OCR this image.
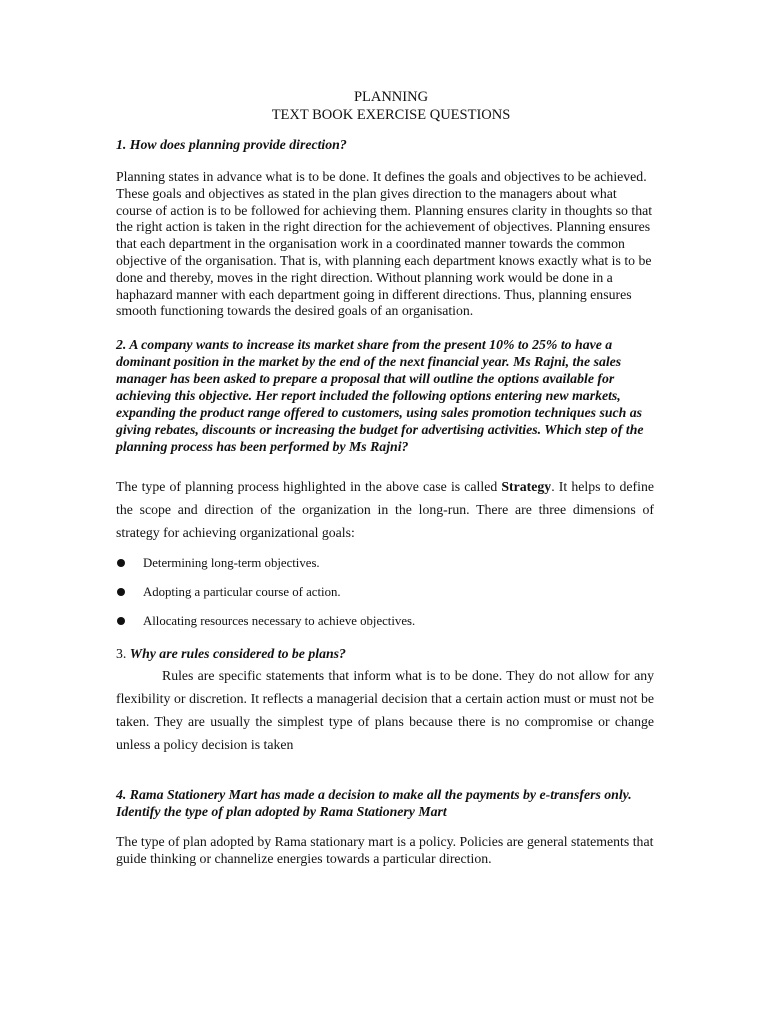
PLANNING

TEXT BOOK EXERCISE QUESTIONS

1. How does planning provide direction?

Planning states in advance what is to be done. It defines the goals and objectives to be achieved. These goals and objectives as stated in the plan gives direction to the managers about what course of action is to be followed for achieving them. Planning ensures clarity in thoughts so that the right action is taken in the right direction for the achievement of objectives. Planning ensures that each department in the organisation work in a coordinated manner towards the common objective of the organisation. That is, with planning each department knows exactly what is to be done and thereby, moves in the right direction. Without planning work would be done in a haphazard manner with each department going in different directions. Thus, planning ensures smooth functioning towards the desired goals of an organisation.

2. A company wants to increase its market share from the present 10% to 25% to have a dominant position in the market by the end of the next financial year. Ms Rajni, the sales manager has been asked to prepare a proposal that will outline the options available for achieving this objective. Her report included the following options entering new markets, expanding the product range offered to customers, using sales promotion techniques such as giving rebates, discounts or increasing the budget for advertising activities. Which step of the planning process has been performed by Ms Rajni?

The type of planning process highlighted in the above case is called Strategy. It helps to define the scope and direction of the organization in the long-run. There are three dimensions of strategy for achieving organizational goals:

Determining long-term objectives.
Adopting a particular course of action.
Allocating resources necessary to achieve objectives.

3. Why are rules considered to be plans?

Rules are specific statements that inform what is to be done. They do not allow for any flexibility or discretion. It reflects a managerial decision that a certain action must or must not be taken. They are usually the simplest type of plans because there is no compromise or change unless a policy decision is taken

4. Rama Stationery Mart has made a decision to make all the payments by e-transfers only. Identify the type of plan adopted by Rama Stationery Mart

The type of plan adopted by Rama stationary mart is a policy. Policies are general statements that guide thinking or channelize energies towards a particular direction.
